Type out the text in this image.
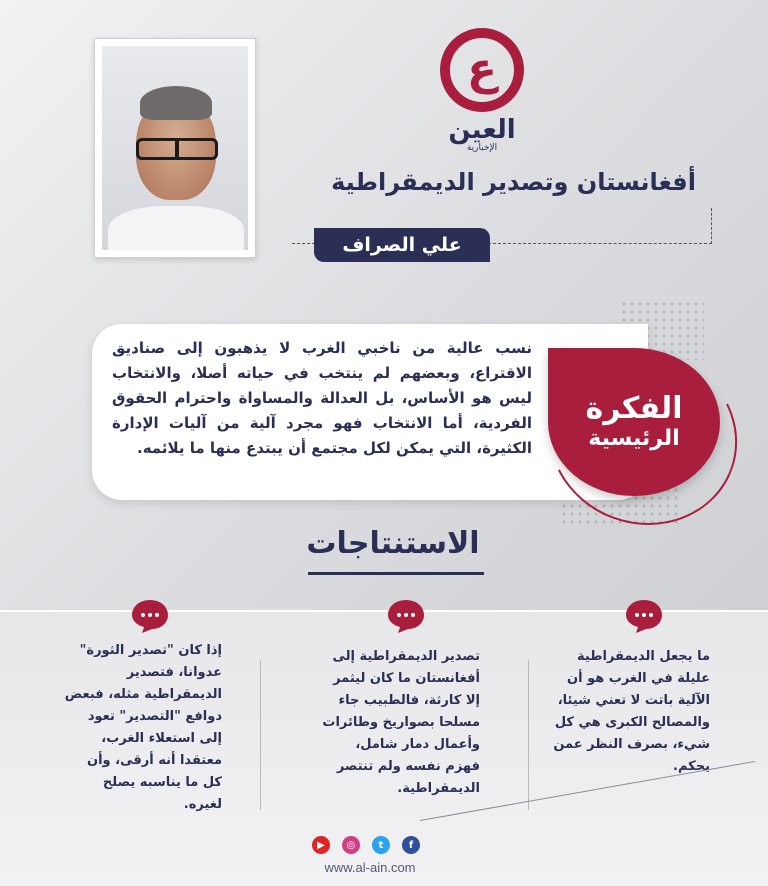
ع
العين
الإخبارية
أفغانستان وتصدير الديمقراطية
علي الصراف
نسب عالية من ناخبي الغرب لا يذهبون إلى صناديق الاقتراع، وبعضهم لم ينتخب في حياته أصلا، والانتخاب ليس هو الأساس، بل العدالة والمساواة واحترام الحقوق الفردية، أما الانتخاب فهو مجرد آلية من آليات الإدارة الكثيرة، التي يمكن لكل مجتمع أن يبتدع منها ما يلائمه.
الفكرة
الرئيسية
الاستنتاجات
ما يجعل الديمقراطية عليلة في الغرب هو أن الآلية باتت لا تعني شيئا، والمصالح الكبرى هي كل شيء، بصرف النظر عمن يحكم.
تصدير الديمقراطية إلى أفغانستان ما كان ليثمر إلا كارثة، فالطبيب جاء مسلحا بصواريخ وطائرات وأعمال دمار شامل، فهزم نفسه ولم تنتصر الديمقراطية.
إذا كان "تصدير الثورة" عدوانا، فتصدير الديمقراطية مثله، فبعض دوافع "التصدير" تعود إلى استعلاء الغرب، معتقدا أنه أرقى، وأن كل ما يناسبه يصلح لغيره.
▶	◎	t	f
www.al-ain.com
